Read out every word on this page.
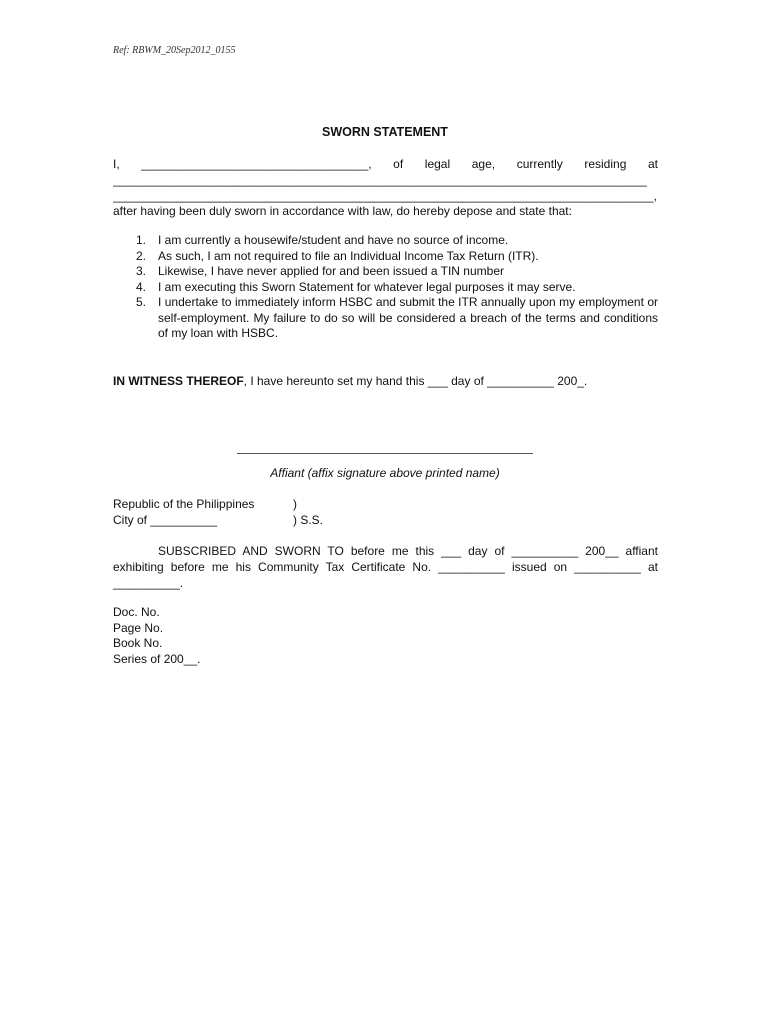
Ref: RBWM_20Sep2012_0155
SWORN STATEMENT
I, __________________________________, of legal age, currently residing at
________________________________________________________________________________
_________________________________________________________________________________,
after having been duly sworn in accordance with law, do hereby depose and state that:
1. I am currently a housewife/student and have no source of income.
2. As such, I am not required to file an Individual Income Tax Return (ITR).
3. Likewise, I have never applied for and been issued a TIN number
4. I am executing this Sworn Statement for whatever legal purposes it may serve.
5. I undertake to immediately inform HSBC and submit the ITR annually upon my employment or self-employment. My failure to do so will be considered a breach of the terms and conditions of my loan with HSBC.
IN WITNESS THEREOF, I have hereunto set my hand this ___ day of __________ 200_.
Affiant (affix signature above printed name)
Republic of the Philippines
City of __________
)
) S.S.
SUBSCRIBED AND SWORN TO before me this ___ day of __________ 200__ affiant
exhibiting before me his Community Tax Certificate No. __________ issued on __________ at
__________.
Doc. No.
Page No.
Book No.
Series of 200__.
